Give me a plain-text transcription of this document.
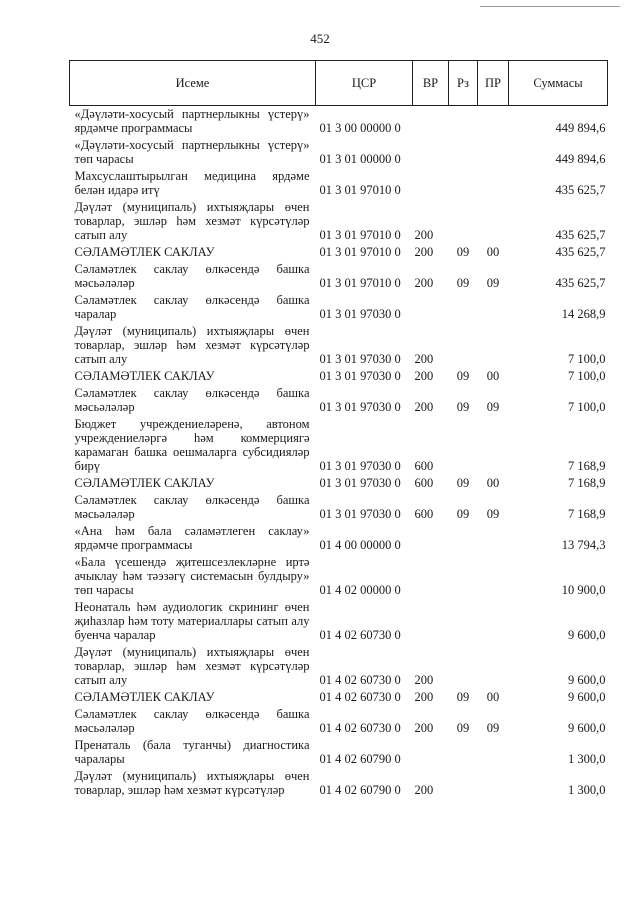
452
Исеме	ЦСР	ВР	Рз	ПР	Суммасы
«Дәүләти-хосусый партнерлыкны үстерү» ярдәмче программасы	01 3 00 00000 0				449 894,6
«Дәүләти-хосусый партнерлыкны үстерү» төп чарасы	01 3 01 00000 0				449 894,6
Махсуслаштырылган медицина ярдәме белән идарә итү	01 3 01 97010 0				435 625,7
Дәүләт (муниципаль) ихтыяҗлары өчен товарлар, эшләр һәм хезмәт күрсәтүләр сатып алу	01 3 01 97010 0	200			435 625,7
СӘЛАМӘТЛЕК САКЛАУ	01 3 01 97010 0	200	09	00	435 625,7
Сәламәтлек саклау өлкәсендә башка мәсьәләләр	01 3 01 97010 0	200	09	09	435 625,7
Сәламәтлек саклау өлкәсендә башка чаралар	01 3 01 97030 0				14 268,9
Дәүләт (муниципаль) ихтыяҗлары өчен товарлар, эшләр һәм хезмәт күрсәтүләр сатып алу	01 3 01 97030 0	200			7 100,0
СӘЛАМӘТЛЕК САКЛАУ	01 3 01 97030 0	200	09	00	7 100,0
Сәламәтлек саклау өлкәсендә башка мәсьәләләр	01 3 01 97030 0	200	09	09	7 100,0
Бюджет учреждениеләренә, автоном учреждениеләргә һәм коммерциягә карамаган башка оешмаларга субсидияләр бирү	01 3 01 97030 0	600			7 168,9
СӘЛАМӘТЛЕК САКЛАУ	01 3 01 97030 0	600	09	00	7 168,9
Сәламәтлек саклау өлкәсендә башка мәсьәләләр	01 3 01 97030 0	600	09	09	7 168,9
«Ана һәм бала сәламәтлеген саклау» ярдәмче программасы	01 4 00 00000 0				13 794,3
«Бала үсешендә җитешсезлекләрне иртә ачыклау һәм тәэзәгү системасын булдыру» төп чарасы	01 4 02 00000 0				10 900,0
Неонаталь һәм аудиологик скрининг өчен җиһазлар һәм тоту материаллары сатып алу буенча чаралар	01 4 02 60730 0				9 600,0
Дәүләт (муниципаль) ихтыяҗлары өчен товарлар, эшләр һәм хезмәт күрсәтүләр сатып алу	01 4 02 60730 0	200			9 600,0
СӘЛАМӘТЛЕК САКЛАУ	01 4 02 60730 0	200	09	00	9 600,0
Сәламәтлек саклау өлкәсендә башка мәсьәләләр	01 4 02 60730 0	200	09	09	9 600,0
Пренаталь (бала туганчы) диагностика чаралары	01 4 02 60790 0				1 300,0
Дәүләт (муниципаль) ихтыяҗлары өчен товарлар, эшләр һәм хезмәт күрсәтүләр	01 4 02 60790 0	200			1 300,0
